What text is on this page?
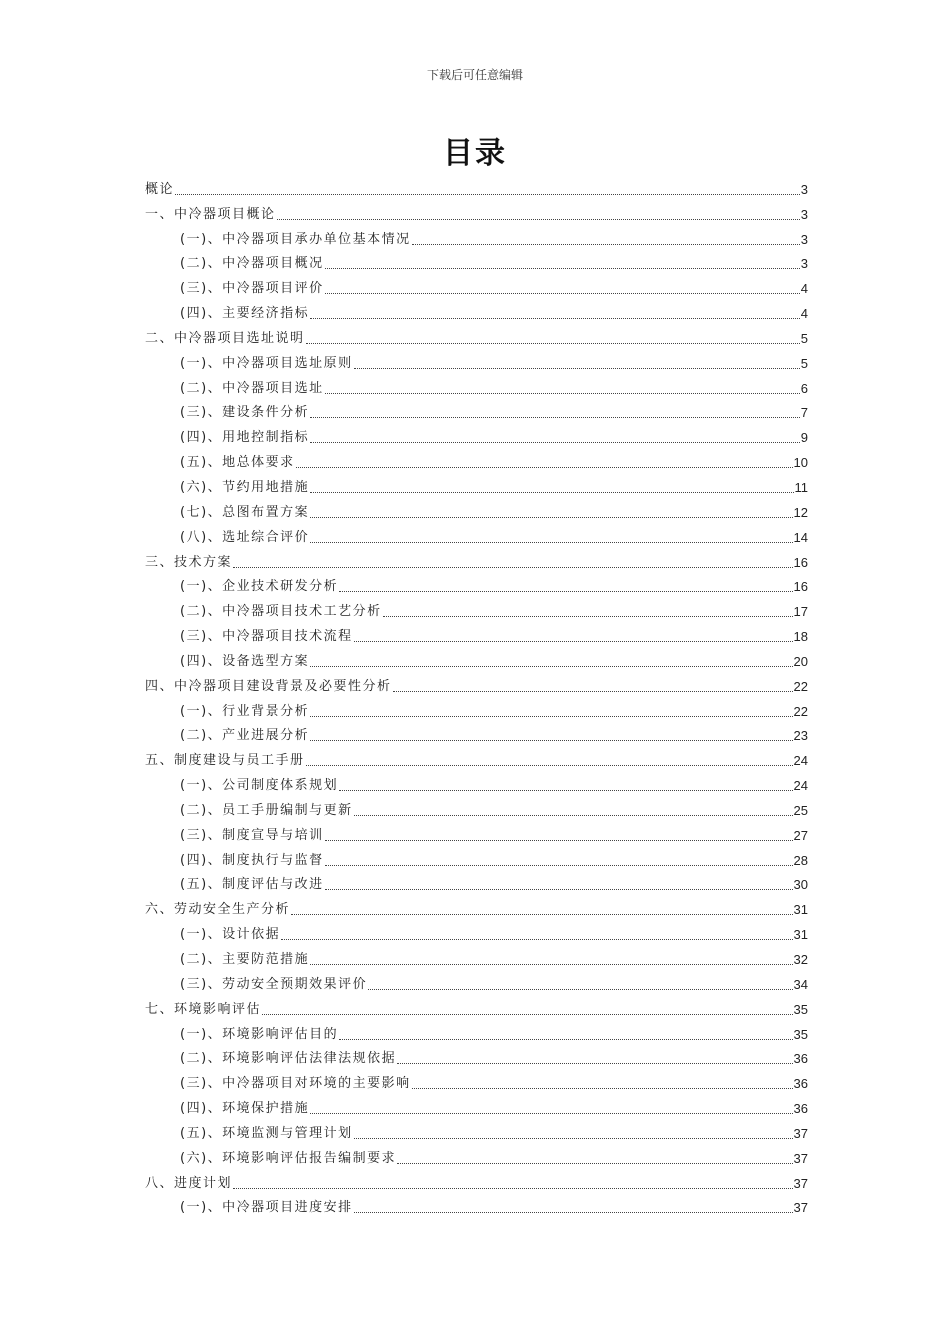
下载后可任意编辑
目录
概论	3
一、中冷器项目概论	3
(一)、中冷器项目承办单位基本情况	3
(二)、中冷器项目概况	3
(三)、中冷器项目评价	4
(四)、主要经济指标	4
二、中冷器项目选址说明	5
(一)、中冷器项目选址原则	5
(二)、中冷器项目选址	6
(三)、建设条件分析	7
(四)、用地控制指标	9
(五)、地总体要求	10
(六)、节约用地措施	11
(七)、总图布置方案	12
(八)、选址综合评价	14
三、技术方案	16
(一)、企业技术研发分析	16
(二)、中冷器项目技术工艺分析	17
(三)、中冷器项目技术流程	18
(四)、设备选型方案	20
四、中冷器项目建设背景及必要性分析	22
(一)、行业背景分析	22
(二)、产业进展分析	23
五、制度建设与员工手册	24
(一)、公司制度体系规划	24
(二)、员工手册编制与更新	25
(三)、制度宣导与培训	27
(四)、制度执行与监督	28
(五)、制度评估与改进	30
六、劳动安全生产分析	31
(一)、设计依据	31
(二)、主要防范措施	32
(三)、劳动安全预期效果评价	34
七、环境影响评估	35
(一)、环境影响评估目的	35
(二)、环境影响评估法律法规依据	36
(三)、中冷器项目对环境的主要影响	36
(四)、环境保护措施	36
(五)、环境监测与管理计划	37
(六)、环境影响评估报告编制要求	37
八、进度计划	37
(一)、中冷器项目进度安排	37
